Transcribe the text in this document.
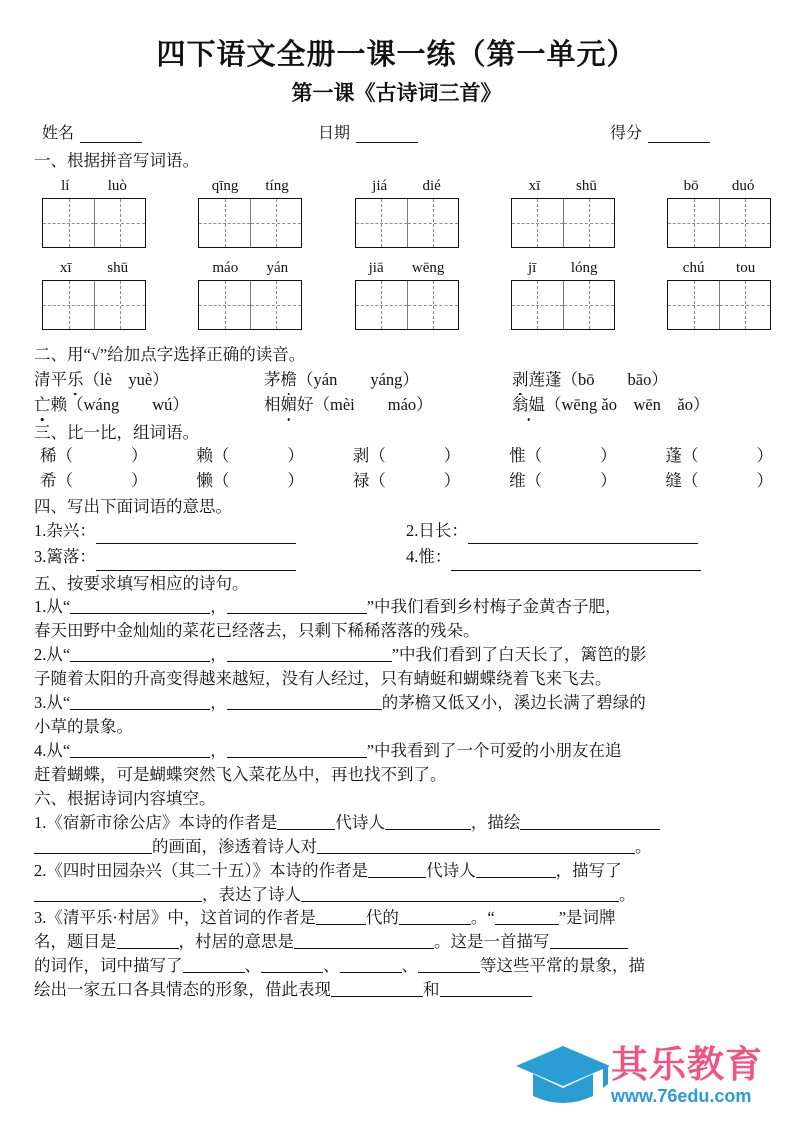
四下语文全册一课一练（第一单元）
第一课《古诗词三首》
姓名	日期	得分
一、根据拼音写词语。
lí	luò	qīng tíng	jiá dié	xī shū	bō duó
xī shū	máo yán	jiā wēng	jī lóng	chú tou
二、用“√”给加点字选择正确的读音。
清平乐（lè　yuè）	茅檐（yán　　yáng）	剥莲蓬（bō　　bāo）
亡赖（wáng　　wú）	相媚好（mèi　　máo）	翁媪（wēng ǎo　wēn　ǎo）
三、比一比，组词语。
稀（	）	赖（	）	剥（	）	惟（	）	蓬（	）
希（	）	懒（	）	禄（	）	维（	）	缝（	）
四、写出下面词语的意思。
1. 杂兴：	2. 日长：
3. 篱落：	4. 惟：
五、按要求填写相应的诗句。
1.从“	，	”中我们看到乡村梅子金黄杏子肥，
春天田野中金灿灿的菜花已经落去，只剩下稀稀落落的残朵。
2.从“	，	”中我们看到了白天长了，篱笆的影
子随着太阳的升高变得越来越短，没有人经过，只有蜻蜓和蝴蝶绕着飞来飞去。
3.从“	，	的茅檐又低又小，溪边长满了碧绿的
小草的景象。
4.从“	，	”中我看到了一个可爱的小朋友在追
赶着蝴蝶，可是蝴蝶突然飞入菜花丛中，再也找不到了。
六、根据诗词内容填空。
1.《宿新市徐公店》本诗的作者是	代诗人	，描绘
的画面，渗透着诗人对	。
2.《四时田园杂兴（其二十五）》本诗的作者是	代诗人	，描写了
，表达了诗人	。
3.《清平乐·村居》中，这首词的作者是	代的	。“	”是词牌
名，题目是	，村居的意思是	。这是一首描写
的词作，词中描写了	、	、	、	等这些平常的景象，描
绘出一家五口各具情态的形象，借此表现	和
其乐教育
www.76edu.com
